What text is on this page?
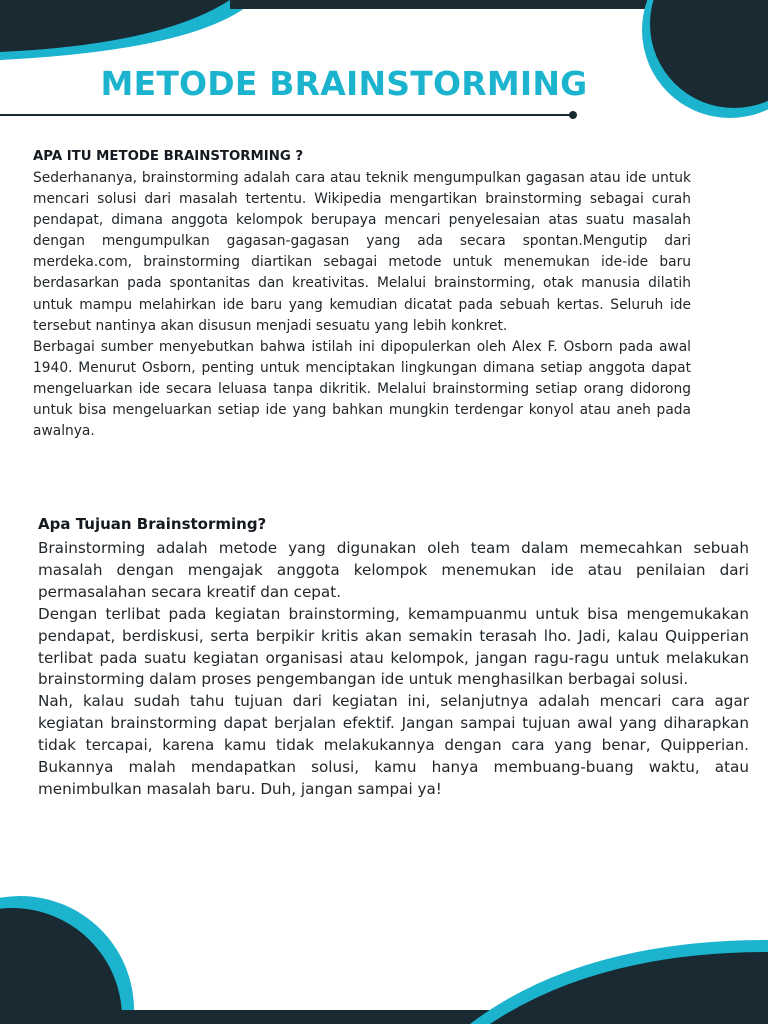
METODE BRAINSTORMING
APA ITU METODE BRAINSTORMING ?

Sederhananya, brainstorming adalah cara atau teknik mengumpulkan gagasan atau ide untuk mencari solusi dari masalah tertentu. Wikipedia mengartikan brainstorming sebagai curah pendapat, dimana anggota kelompok berupaya mencari penyelesaian atas suatu masalah dengan mengumpulkan gagasan-gagasan yang ada secara spontan.Mengutip dari merdeka.com, brainstorming diartikan sebagai metode untuk menemukan ide-ide baru berdasarkan pada spontanitas dan kreativitas. Melalui brainstorming, otak manusia dilatih untuk mampu melahirkan ide baru yang kemudian dicatat pada sebuah kertas. Seluruh ide tersebut nantinya akan disusun menjadi sesuatu yang lebih konkret.

Berbagai sumber menyebutkan bahwa istilah ini dipopulerkan oleh Alex F. Osborn pada awal 1940. Menurut Osborn, penting untuk menciptakan lingkungan dimana setiap anggota dapat mengeluarkan ide secara leluasa tanpa dikritik. Melalui brainstorming setiap orang didorong untuk bisa mengeluarkan setiap ide yang bahkan mungkin terdengar konyol atau aneh pada awalnya.

Apa Tujuan Brainstorming?

Brainstorming adalah metode yang digunakan oleh team dalam memecahkan sebuah masalah dengan mengajak anggota kelompok menemukan ide atau penilaian dari permasalahan secara kreatif dan cepat.

Dengan terlibat pada kegiatan brainstorming, kemampuanmu untuk bisa mengemukakan pendapat, berdiskusi, serta berpikir kritis akan semakin terasah lho. Jadi, kalau Quipperian terlibat pada suatu kegiatan organisasi atau kelompok, jangan ragu-ragu untuk melakukan brainstorming dalam proses pengembangan ide untuk menghasilkan berbagai solusi.

Nah, kalau sudah tahu tujuan dari kegiatan ini, selanjutnya adalah mencari cara agar kegiatan brainstorming dapat berjalan efektif. Jangan sampai tujuan awal yang diharapkan tidak tercapai, karena kamu tidak melakukannya dengan cara yang benar, Quipperian. Bukannya malah mendapatkan solusi, kamu hanya membuang-buang waktu, atau menimbulkan masalah baru. Duh, jangan sampai ya!
